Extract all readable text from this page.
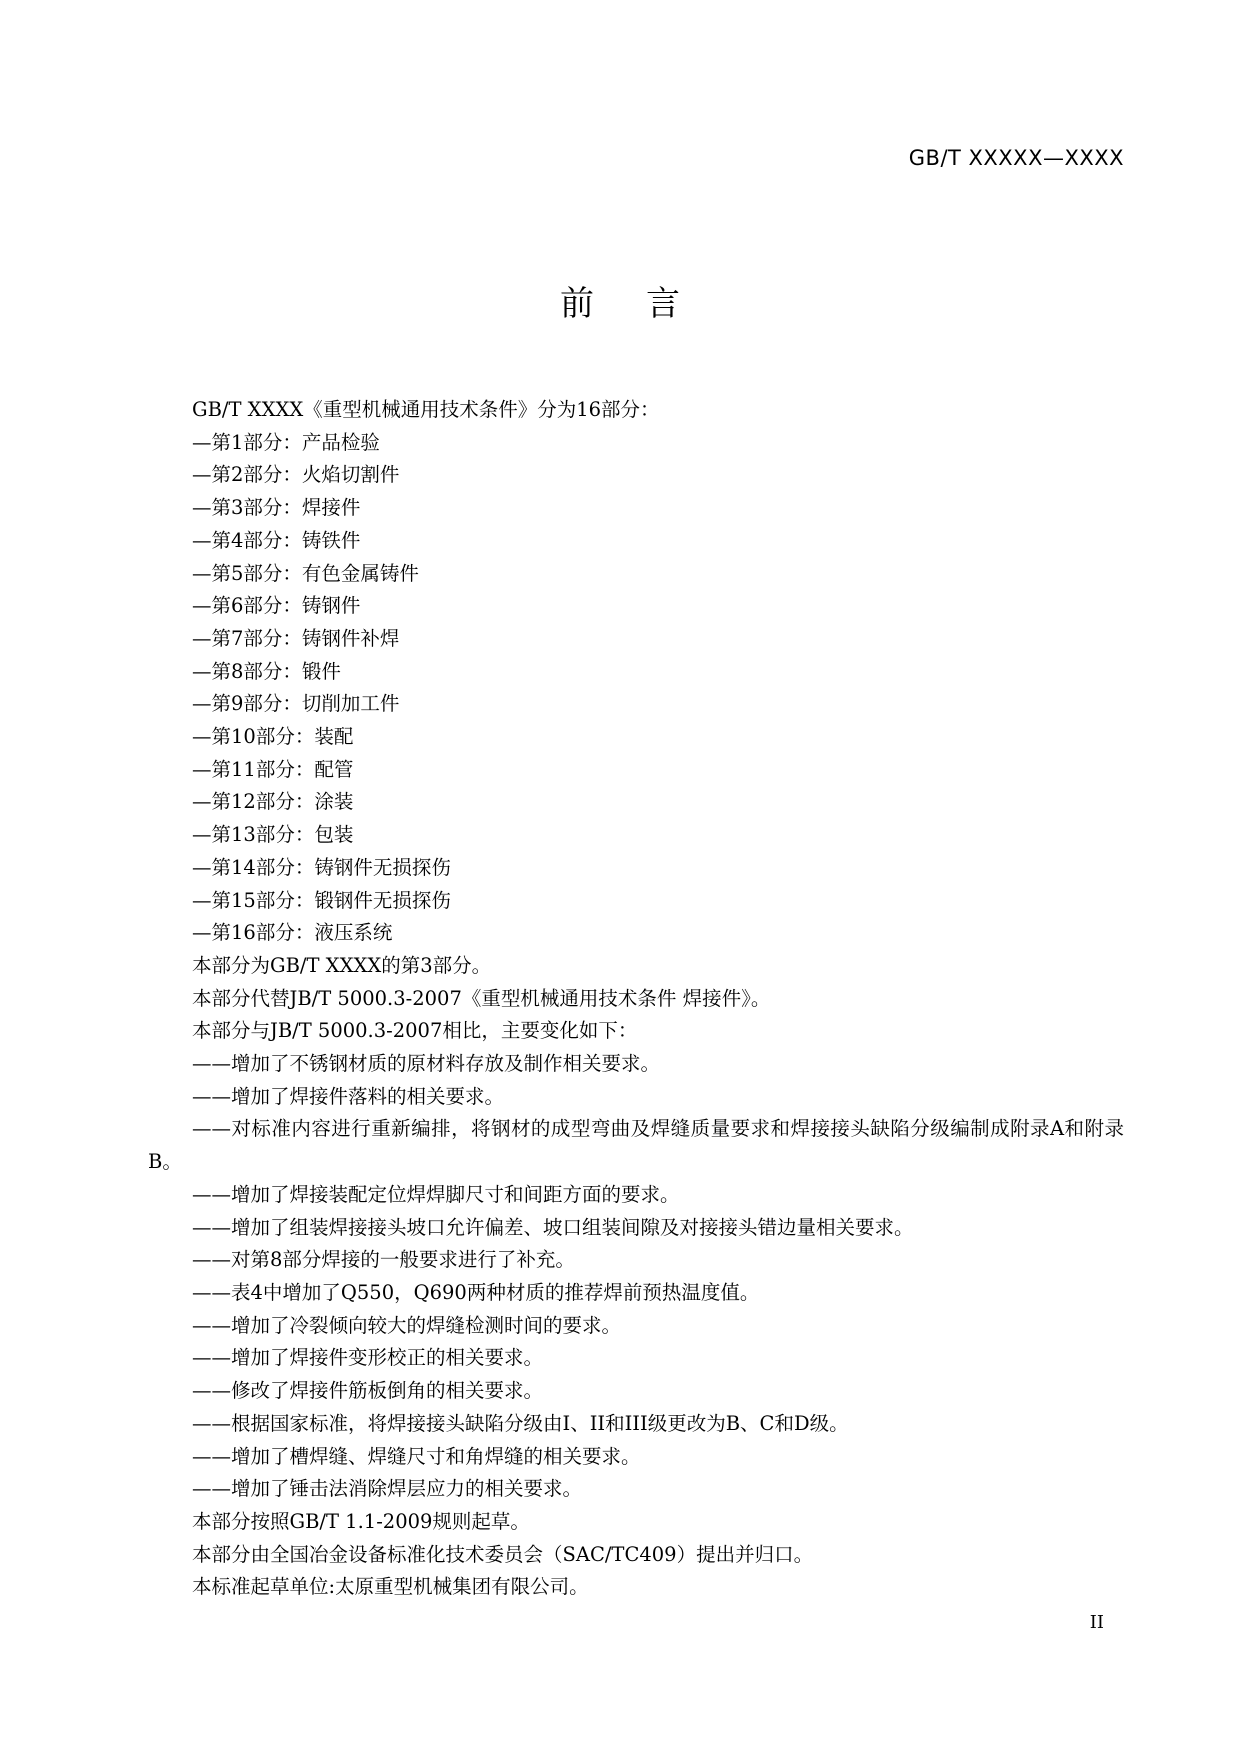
GB/T XXXXX—XXXX
前言

GB/T XXXX《重型机械通用技术条件》分为16部分：

—第1部分：产品检验

—第2部分：火焰切割件

—第3部分：焊接件

—第4部分：铸铁件

—第5部分：有色金属铸件

—第6部分：铸钢件

—第7部分：铸钢件补焊

—第8部分：锻件

—第9部分：切削加工件

—第10部分：装配

—第11部分：配管

—第12部分：涂装

—第13部分：包装

—第14部分：铸钢件无损探伤

—第15部分：锻钢件无损探伤

—第16部分：液压系统

本部分为GB/T XXXX的第3部分。

本部分代替JB/T 5000.3-2007《重型机械通用技术条件 焊接件》。

本部分与JB/T 5000.3-2007相比，主要变化如下：

——增加了不锈钢材质的原材料存放及制作相关要求。

——增加了焊接件落料的相关要求。

——对标准内容进行重新编排，将钢材的成型弯曲及焊缝质量要求和焊接接头缺陷分级编制成附录A和附录B。

——增加了焊接装配定位焊焊脚尺寸和间距方面的要求。

——增加了组装焊接接头坡口允许偏差、坡口组装间隙及对接接头错边量相关要求。

——对第8部分焊接的一般要求进行了补充。

——表4中增加了Q550，Q690两种材质的推荐焊前预热温度值。

——增加了冷裂倾向较大的焊缝检测时间的要求。

——增加了焊接件变形校正的相关要求。

——修改了焊接件筋板倒角的相关要求。

——根据国家标准，将焊接接头缺陷分级由I、II和III级更改为B、C和D级。

——增加了槽焊缝、焊缝尺寸和角焊缝的相关要求。

——增加了锤击法消除焊层应力的相关要求。

本部分按照GB/T 1.1-2009规则起草。

本部分由全国冶金设备标准化技术委员会（SAC/TC409）提出并归口。

本标准起草单位:太原重型机械集团有限公司。

II
